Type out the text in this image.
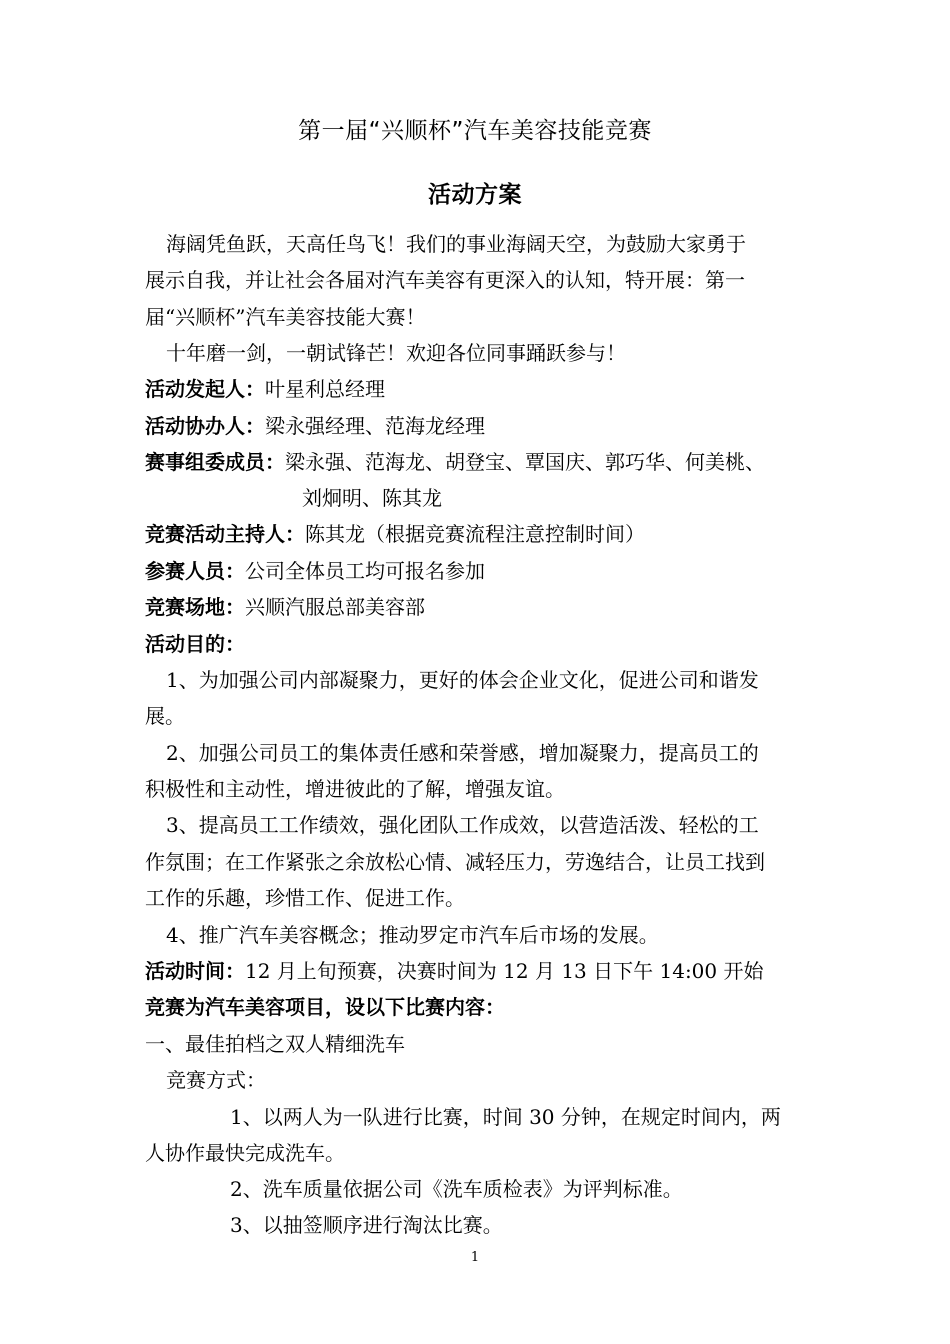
第一届“兴顺杯”汽车美容技能竞赛
活动方案
海阔凭鱼跃，天高任鸟飞！我们的事业海阔天空，为鼓励大家勇于
展示自我，并让社会各届对汽车美容有更深入的认知，特开展：第一
届“兴顺杯”汽车美容技能大赛！
十年磨一剑，一朝试锋芒！欢迎各位同事踊跃参与！
活动发起人：叶星利总经理
活动协办人：梁永强经理、范海龙经理
赛事组委成员：梁永强、范海龙、胡登宝、覃国庆、郭巧华、何美桃、
刘炯明、陈其龙
竞赛活动主持人：陈其龙（根据竞赛流程注意控制时间）
参赛人员：公司全体员工均可报名参加
竞赛场地：兴顺汽服总部美容部
活动目的：
1、为加强公司内部凝聚力，更好的体会企业文化，促进公司和谐发
展。
2、加强公司员工的集体责任感和荣誉感，增加凝聚力，提高员工的
积极性和主动性，增进彼此的了解，增强友谊。
3、提高员工工作绩效，强化团队工作成效，以营造活泼、轻松的工
作氛围；在工作紧张之余放松心情、减轻压力，劳逸结合，让员工找到
工作的乐趣，珍惜工作、促进工作。
4、推广汽车美容概念；推动罗定市汽车后市场的发展。
活动时间：12 月上旬预赛，决赛时间为 12 月 13 日下午 14:00 开始
竞赛为汽车美容项目，设以下比赛内容：
一、最佳拍档之双人精细洗车
竞赛方式：
1、以两人为一队进行比赛，时间 30 分钟，在规定时间内，两
人协作最快完成洗车。
2、洗车质量依据公司《洗车质检表》为评判标准。
3、以抽签顺序进行淘汰比赛。
1
